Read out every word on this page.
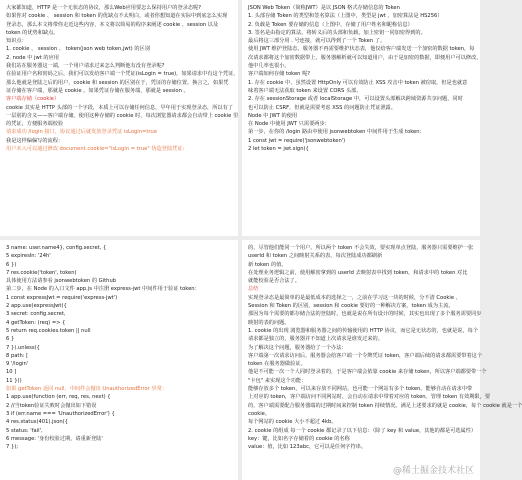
大家都知道，HTTP 是一个无状态的协议，那么Web应用要怎么保持用户的登录态呢?
如果你对 cookie 、 session 和 token 的优缺点不太明白，或者你想知道在实际中到底怎么实现
登录态，那么本文将带你走近这些内容，本文将以简易的程序来阐述 cookie 、session 以及
token 的优势和缺点。
知识点：
1. cookie 、 session 、 token(json web token,jwt) 的区别
2. node 中 jwt 的应用
我们站在服务器这一端，一个用户请求过来怎么判断他有没有登录呢?
在验证用户名和密码之后，我们可以发给客户端一个凭证(isLogin = true)，如果请求中有这个凭证，
那么他就是登陆之后的用户，cookie 和 session 的区别在于，凭证的存储位置。换言之，如果凭
证存储在客户端，那就是 cookie 。如果凭证存储在服务端，那就是 session 。
客户端存储（cookie）
cookie 其实是 HTTP 头部的一个字段，本质上可以存储任何信息，早年用于实现登录态，所以有了
一层别的含义——客户端存储。使用这种存储的 cookie 时，每次浏览器请求都会自动带上 cookie 里
的凭证，方便服务端校验
请求成功 /login 接口，协议通过后就发放登录凭证 isLogin=true
我是这样偏偏写的流程：
用户未入可以通过修改 document.cookie="isLogin = true" 伪造登陆凭证:
JSON Web Token（简称JWT）是以 JSON 格式存储信息的 Token
1. 头部存储 Token 的类型和签名算法（上图中，类型是 jwt ，加密算法是 HS256）
2. 负载是 Token 要存储的信息（上图中，存储了用户姓名和昵称信息）
3. 签名是由指定的算法，将转义后的头部和负载，加上密钥一同加密得到的。
最后将这三部分用 . 号连接，就可以得到了一个 Token 了。
使用 JWT 维护登陆态，服务器不再需要维护状态表，他仅给客户端发送一个加密的数据 token，每
次请求都将这个加密数据带上，服务器解析就可以知道用户，由于是加密的数据，即便用户可以修改，
他中几率也很小。
客户端如何存储 token 呢?
1. 存在 cookie 中，虽然设置 HttpOnly 可以有效防止 XSS 攻击中 token 被窃取，但是也就意
味着客户端无法获取 token 来设置 CORS 头部。
2. 存在 sessionStorage 或者 localStorage 中，可以设置头部解决跨域资源共享问题，同时
也可以防止 CSRF，但就是需要考虑 XSS 的问题防止凭证泄露。
Node 中 JWT 的使用
在 Node 中使用 JWT 只需要两步：
第一步，在你的 /login 路由中使用 jsonwebtoken 中间件用于生成 token：
1 const jwt = require('jsonwebtoken')
2 let token = jwt.sign({
3 name: user.name4}, config.secret, {
5 expiresIn: '24h'
6 })
7 res.cookie('token', token)
具体使用方法请参看 jsonwebtoken 的 Github
第二步，在 Node 的入口文件 app.js 中注册 express-jwt 中间件用于验证 token：
1 const expressJwt = require('express-jwt')
2 app.use(expressJwt({
3 secret: config.secret,
4 getToken: (req) => {
5 return req.cookies.token || null
6 }
7 }).unless({
8 path: [
9 '/login'
10 ]
11 }))
如果 getToken 返回 null，中间件会抛出 UnauthorizedError 异常：
1 app.use(function (err, req, res, next) {
2 //当token验证失败时会抛出如下错误
3 if (err.name === 'UnauthorizedError') {
4 res.status(401).json({
5 status: 'fail',
6 message: '身份校验过期，请重新登陆'
7 });
的，尽管他们能同一个用户，所以两个 token 不会失效，要实现单点登陆，服务器只需要维护一张
userId 和 token 之间映射关系的表，每次登陆成功都刷新
新 token 的值。
在处理业务逻辑之前，使用解密拿到的 userId 去映射表中找到 token，和请求中的 token 对比
就能校验是否合法了。
总结
实现登录态是最简单的是最低成本的选择之一，之前在学习这一块的时候，分不清 Cookie 、
Session 和 Token 的区别，session 和 cookie 要好的一种解决方案，token 成为主流，
那因为每个需要的都存储合法的登陆时，也就是说在所有设计的时候，其实也出现了多个服务需要同步
映射的表的问题。
1. cookie 的出现 浏览器和服务器之间的传输使用的 HTTP 协议，而它是无状态的，也就是说，每个
请求都是独立的，服务器并不知道上次请求是谁发过来的。
为了解决这个问题，服务器给了一个办法：
客户端第一次请求访问后，服务器会给客户端一个令牌凭证 token，客户端后续的请求都需要带着这个
token 在服务器做验证。
他是不可能一次一个人同时登录着的，于是客户端会依靠 cookie 来存储 token，所以客户端都要带一个
"卡包" 来实现这个功能：
能够存放多个 token，可以来存放不同网站，也可能一个网站有多个 token。能够自动在请求中带
上对应的 token，客户端访问不同网站时，会自动在请求中带着对应的 token。管理 token 有效期限，要
的，客户端需要配合服务器端的过期时间来控制 token 持续情况。满足上述要求的就是 cookie，每个 cookie 就是一个
cookie。
每个网站的 cookie 大小不超过 4kb。
2. cookie 的组成 每一个 cookie 都记录了以下信息：（除了 key 和 value，其他的都是可选属性）
key：键，比如名字存储着的 cookie 的名称
value：值，比如 123abc，它可以是任何字符串。
@稀土掘金技术社区
